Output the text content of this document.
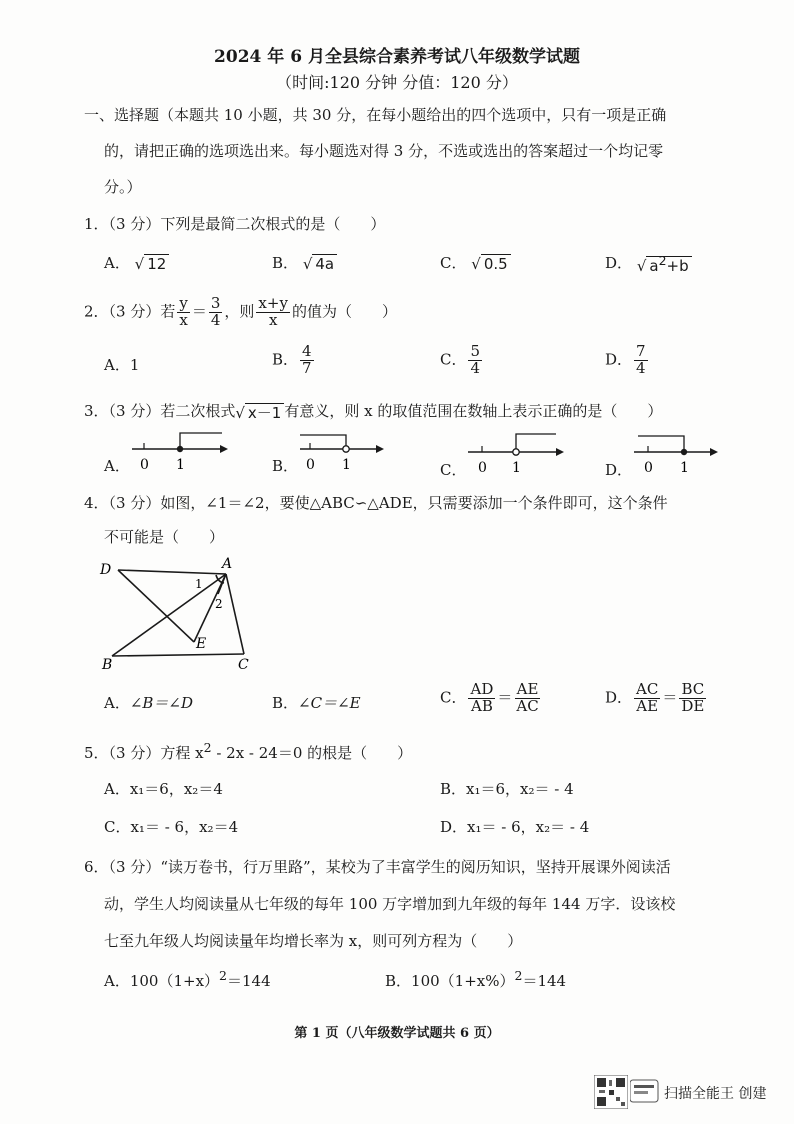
2024 年 6 月全县综合素养考试八年级数学试题
（时间:120 分钟 分值：120 分）
一、选择题（本题共 10 小题，共 30 分，在每小题给出的四个选项中，只有一项是正确
的，请把正确的选项选出来。每小题选对得 3 分，不选或选出的答案超过一个均记零
分。）
1．（3 分）下列是最简二次根式的是（　　）
A． √ 12	B． √ 4a	C． √ 0.5	D． √ $a^2+b$
2．（3 分）若 $\frac{y}{x} = \frac{3}{4}$ ，则 $\frac{x+y}{x}$ 的值为（　　）
A．1	B． $\frac{4}{7}$	C． $\frac{5}{4}$	D． $\frac{7}{4}$
3．（3 分）若二次根式√ x－1 有意义，则 x 的取值范围在数轴上表示正确的是（　　）
A． 0 1	B． 0 1	C． 0 1	D． 0 1
4．（3 分）如图，∠1＝∠2，要使△ABC∽△ADE，只需要添加一个条件即可，这个条件
不可能是（　　）
D	A
1
2
E
B	C
A．∠B＝∠D	B．∠C＝∠E	C． $\frac{AD}{AB} = \frac{AE}{AC}$	D． $\frac{AC}{AE} = \frac{BC}{DE}$
5．（3 分）方程 $x^2 - 2x - 24=0$ 的根是（　　）
A．x₁＝6，x₂＝4	B．x₁＝6，x₂＝ - 4
C．x₁＝ - 6，x₂＝4	D．x₁＝ - 6，x₂＝ - 4
6．（3 分）“读万卷书，行万里路”，某校为了丰富学生的阅历知识，坚持开展课外阅读活
动，学生人均阅读量从七年级的每年 100 万字增加到九年级的每年 144 万字．设该校
七至九年级人均阅读量年均增长率为 x，则可列方程为（　　）
A．$100(1+x)^2=144$	B．$100(1+x\%)^2=144$
第 1 页（八年级数学试题共 6 页）
扫描全能王 创建
